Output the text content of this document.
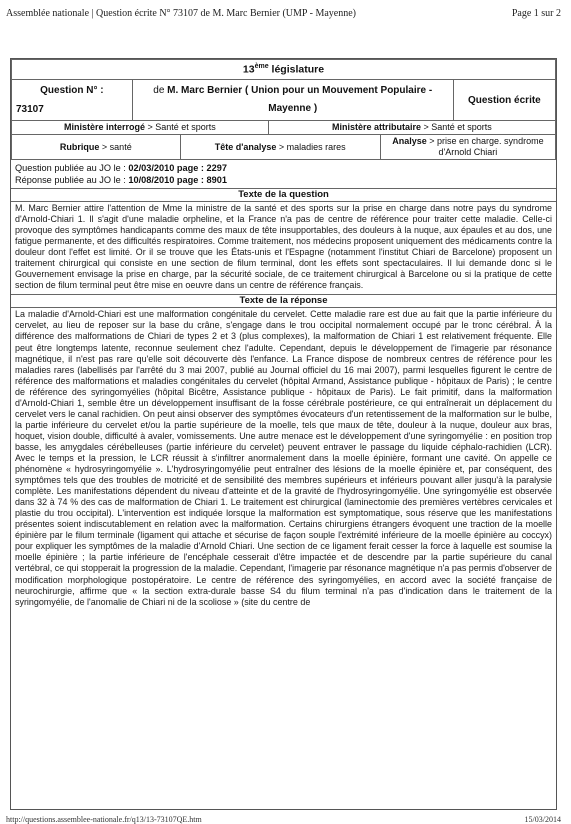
Assemblée nationale | Question écrite N° 73107 de M. Marc Bernier (UMP - Mayenne)	Page 1 sur 2
13ème législature					

Question N° :
73107	de M. Marc Bernier ( Union pour un Mouvement Populaire - Mayenne )				Question écrite
Ministère interrogé > Santé et sports			Ministère attributaire > Santé et sports		
Rubrique > santé		Tête d'analyse > maladies rares		Analyse > prise en charge. syndrome d'Arnold Chiari	
Question publiée au JO le : 02/03/2010 page : 2297
Réponse publiée au JO le : 10/08/2010 page : 8901
Texte de la question
M. Marc Bernier attire l'attention de Mme la ministre de la santé et des sports sur la prise en charge dans notre pays du syndrome d'Arnold-Chiari 1. Il s'agit d'une maladie orpheline, et la France n'a pas de centre de référence pour traiter cette maladie. Celle-ci provoque des symptômes handicapants comme des maux de tête insupportables, des douleurs à la nuque, aux épaules et au dos, une fatigue permanente, et des difficultés respiratoires. Comme traitement, nos médecins proposent uniquement des médicaments contre la douleur dont l'effet est limité. Or il se trouve que les États-unis et l'Espagne (notamment l'institut Chiari de Barcelone) proposent un traitement chirurgical qui consiste en une section de filum terminal, dont les effets sont spectaculaires. Il lui demande donc si le Gouvernement envisage la prise en charge, par la sécurité sociale, de ce traitement chirurgical à Barcelone ou si la pratique de cette section de filum terminal peut être mise en oeuvre dans un centre de référence français.
Texte de la réponse
La maladie d'Arnold-Chiari est une malformation congénitale du cervelet. Cette maladie rare est due au fait que la partie inférieure du cervelet, au lieu de reposer sur la base du crâne, s'engage dans le trou occipital normalement occupé par le tronc cérébral. À la différence des malformations de Chiari de types 2 et 3 (plus complexes), la malformation de Chiari 1 est relativement fréquente. Elle peut être longtemps latente, reconnue seulement chez l'adulte. Cependant, depuis le développement de l'imagerie par résonance magnétique, il n'est pas rare qu'elle soit découverte dès l'enfance. La France dispose de nombreux centres de référence pour les maladies rares (labellisés par l'arrêté du 3 mai 2007, publié au Journal officiel du 16 mai 2007), parmi lesquelles figurent le centre de référence des malformations et maladies congénitales du cervelet (hôpital Armand, Assistance publique - hôpitaux de Paris) ; le centre de référence des syringomyélies (hôpital Bicêtre, Assistance publique - hôpitaux de Paris). Le fait primitif, dans la malformation d'Arnold-Chiari 1, semble être un développement insuffisant de la fosse cérébrale postérieure, ce qui entraînerait un déplacement du cervelet vers le canal rachidien. On peut ainsi observer des symptômes évocateurs d'un retentissement de la malformation sur le bulbe, la partie inférieure du cervelet et/ou la partie supérieure de la moelle, tels que maux de tête, douleur à la nuque, douleur aux bras, hoquet, vision double, difficulté à avaler, vomissements. Une autre menace est le développement d'une syringomyélie : en position trop basse, les amygdales cérébelleuses (partie inférieure du cervelet) peuvent entraver le passage du liquide céphalo-rachidien (LCR). Avec le temps et la pression, le LCR réussit à s'infiltrer anormalement dans la moelle épinière, formant une cavité. On appelle ce phénomène « hydrosyringomyélie ». L'hydrosyringomyélie peut entraîner des lésions de la moelle épinière et, par conséquent, des symptômes tels que des troubles de motricité et de sensibilité des membres supérieurs et inférieurs pouvant aller jusqu'à la paralysie complète. Les manifestations dépendent du niveau d'atteinte et de la gravité de l'hydrosyringomyélie. Une syringomyélie est observée dans 32 à 74 % des cas de malformation de Chiari 1. Le traitement est chirurgical (laminectomie des premières vertèbres cervicales et plastie du trou occipital). L'intervention est indiquée lorsque la malformation est symptomatique, sous réserve que les manifestations présentes soient indiscutablement en relation avec la malformation. Certains chirurgiens étrangers évoquent une traction de la moelle épinière par le filum terminale (ligament qui attache et sécurise de façon souple l'extrémité inférieure de la moelle épinière au coccyx) pour expliquer les symptômes de la maladie d'Arnold Chiari. Une section de ce ligament ferait cesser la force à laquelle est soumise la moelle épinière ; la partie inférieure de l'encéphale cesserait d'être impactée et de descendre par la partie supérieure du canal vertébral, ce qui stopperait la progression de la maladie. Cependant, l'imagerie par résonance magnétique n'a pas permis d'observer de modification morphologique postopératoire. Le centre de référence des syringomyélies, en accord avec la société française de neurochirurgie, affirme que « la section extra-durale basse S4 du filum terminal n'a pas d'indication dans le traitement de la syringomyélie, de l'anomalie de Chiari ni de la scoliose » (site du centre de
http://questions.assemblee-nationale.fr/q13/13-73107QE.htm	15/03/2014
